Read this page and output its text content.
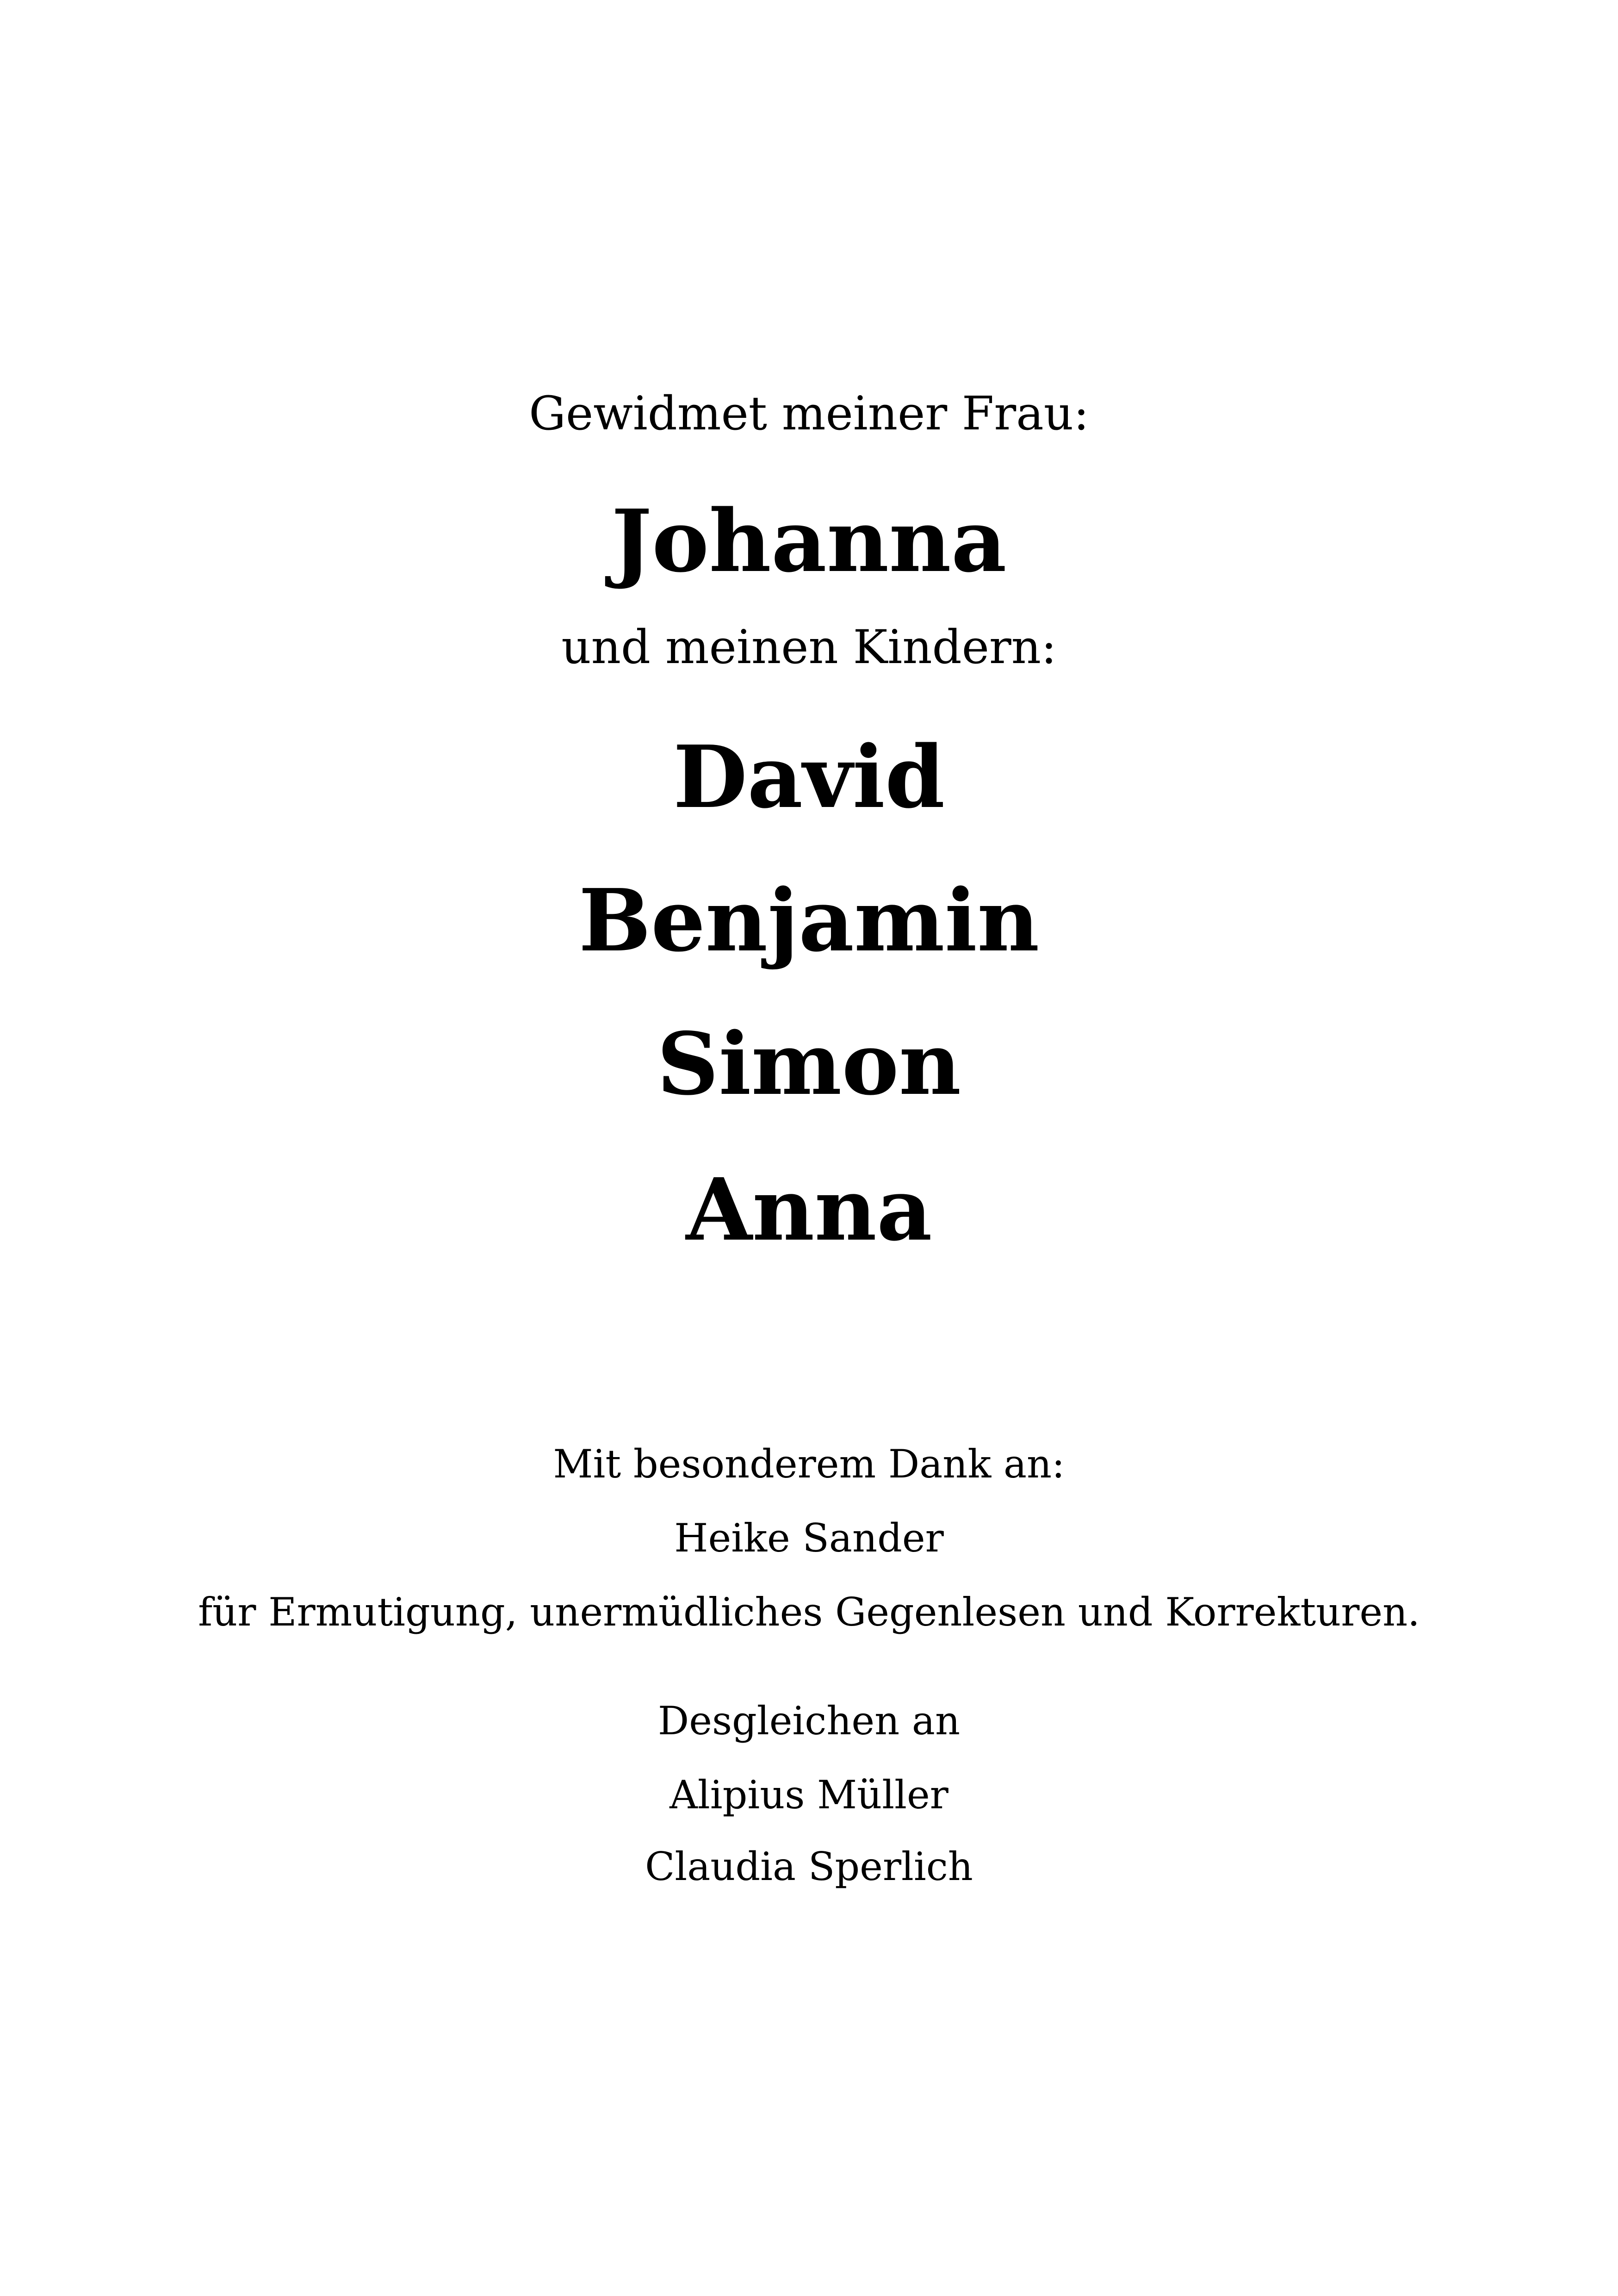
Gewidmet meiner Frau:

Johanna

und meinen Kindern:

David

Benjamin

Simon

Anna

Mit besonderem Dank an:

Heike Sander

für Ermutigung, unermüdliches Gegenlesen und Korrekturen.

Desgleichen an

Alipius Müller

Claudia Sperlich
